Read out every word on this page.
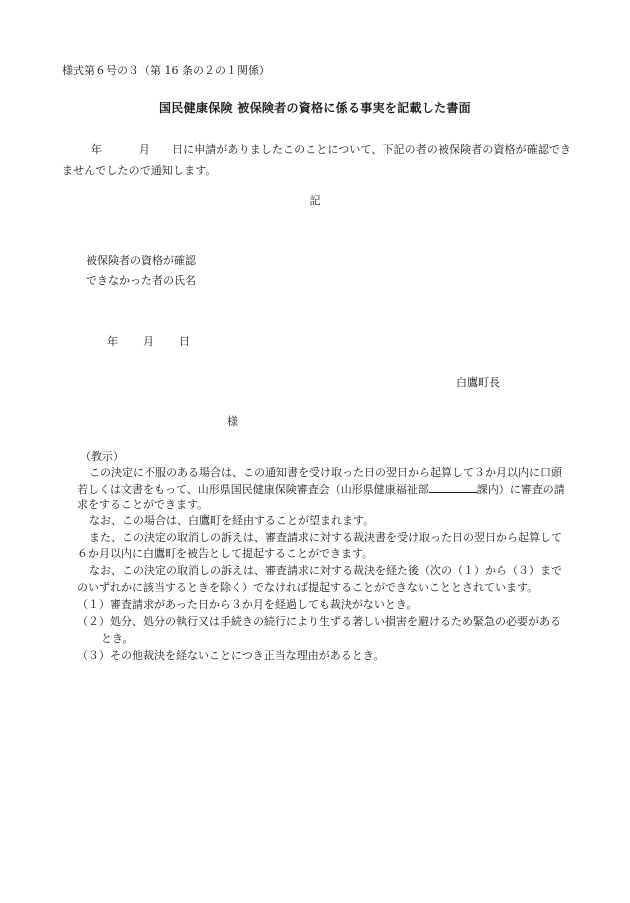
様式第６号の３（第 16 条の２の１関係）
国民健康保険 被保険者の資格に係る事実を記載した書面
年	月 日に申請がありましたこのことについて、下記の者の被保険者の資格が確認でき
ませんでしたので通知します。
記
被保険者の資格が確認
できなかった者の氏名
年 月 日
白鷹町長
様
（教示）
この決定に不服のある場合は、この通知書を受け取った日の翌日から起算して３か月以内に口頭
若しくは文書をもって、山形県国民健康保険審査会（山形県健康福祉部	課内）に審査の請
求をすることができます。
なお、この場合は、白鷹町を経由することが望まれます。
また、この決定の取消しの訴えは、審査請求に対する裁決書を受け取った日の翌日から起算して
６か月以内に白鷹町を被告として提起することができます。
なお、この決定の取消しの訴えは、審査請求に対する裁決を経た後（次の（１）から（３）まで
のいずれかに該当するときを除く）でなければ提起することができないこととされています。
（１）審査請求があった日から３か月を経過しても裁決がないとき。
（２）処分、処分の執行又は手続きの続行により生ずる著しい損害を避けるため緊急の必要がある
とき。
（３）その他裁決を経ないことにつき正当な理由があるとき。
